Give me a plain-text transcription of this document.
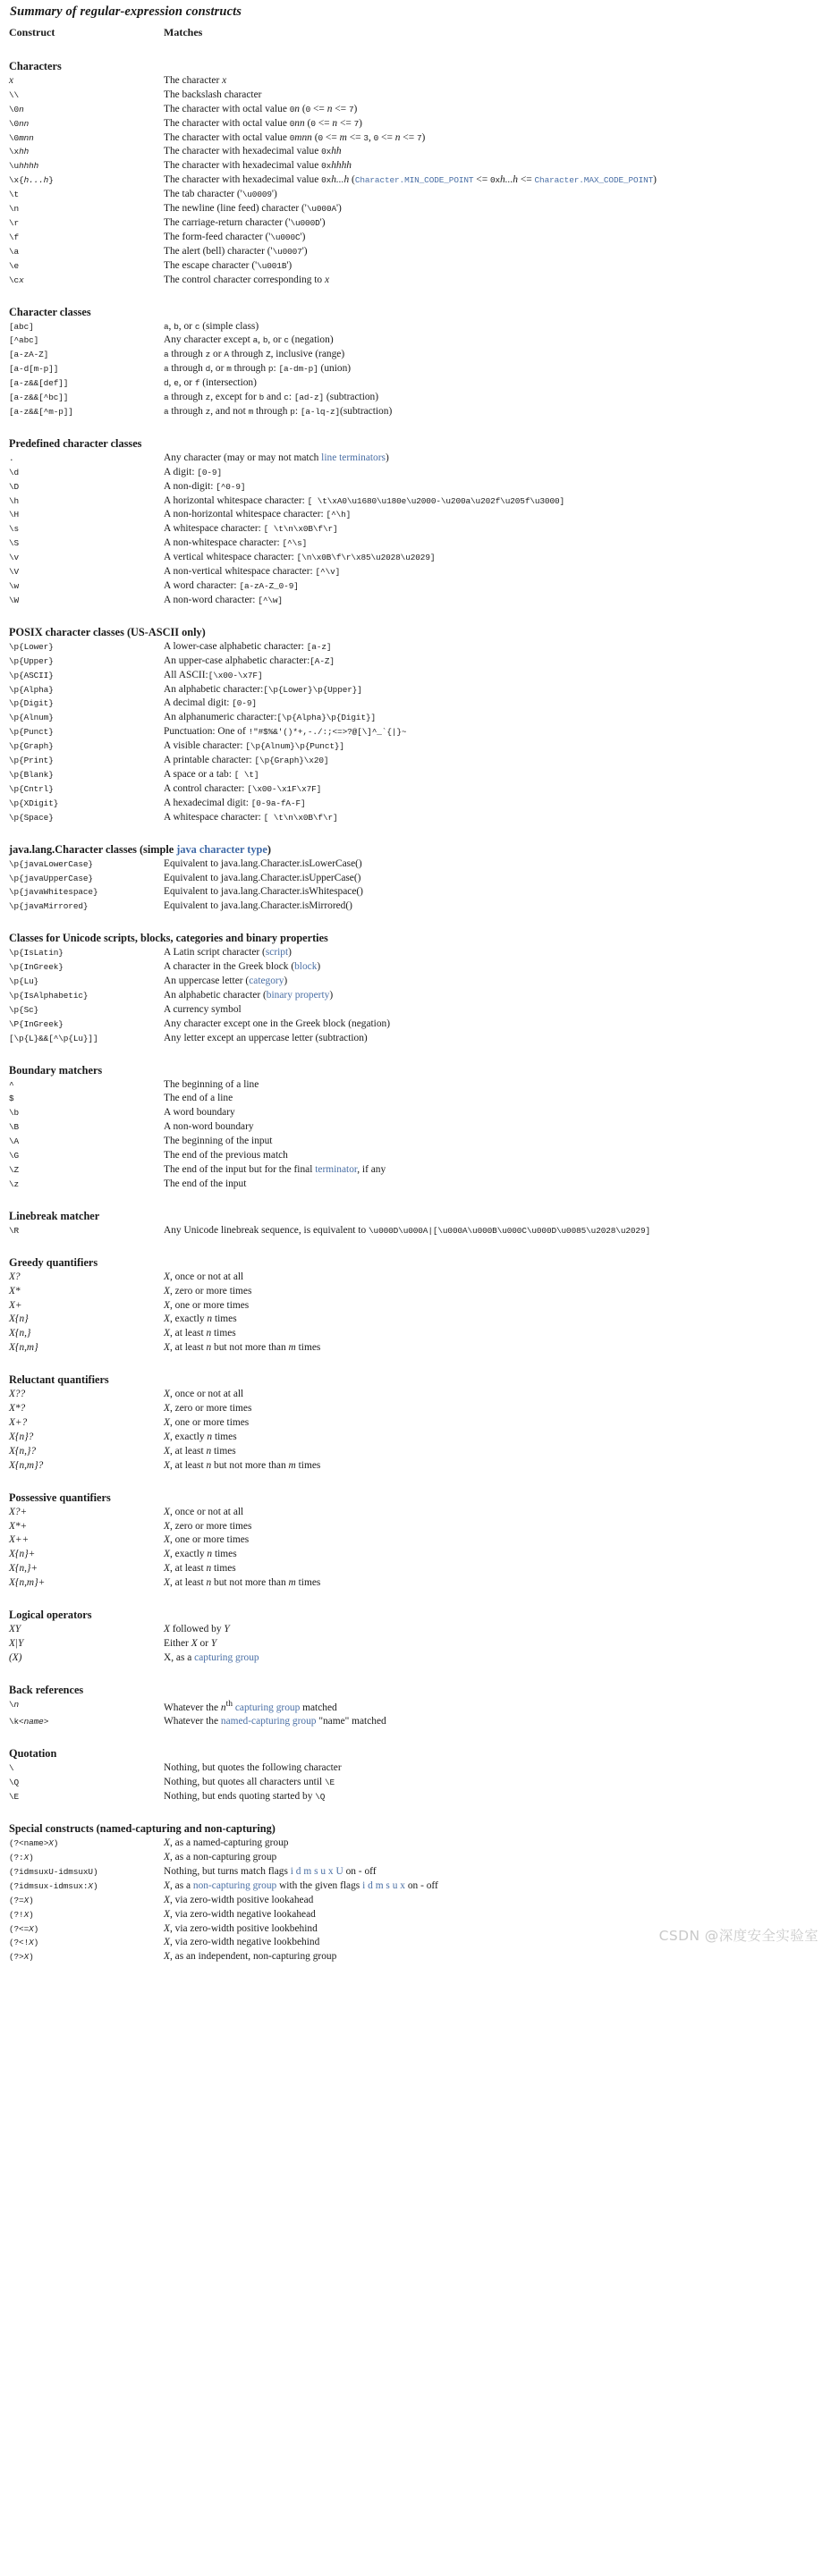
Summary of regular-expression constructs
Construct	Matches

Characters	
x	The character x
\\	The backslash character
\0n	The character with octal value 0n (0 <= n <= 7)
\0nn	The character with octal value 0nn (0 <= n <= 7)
\0mnn	The character with octal value 0mnn (0 <= m <= 3, 0 <= n <= 7)
\xhh	The character with hexadecimal value 0xhh
\uhhhh	The character with hexadecimal value 0xhhhh
\x{h...h}	The character with hexadecimal value 0xh...h (Character.MIN_CODE_POINT <= 0xh...h <= Character.MAX_CODE_POINT)
\t	The tab character ('\u0009')
\n	The newline (line feed) character ('\u000A')
\r	The carriage-return character ('\u000D')
\f	The form-feed character ('\u000C')
\a	The alert (bell) character ('\u0007')
\e	The escape character ('\u001B')
\cx	The control character corresponding to x

Character classes	
[abc]	a, b, or c (simple class)
[^abc]	Any character except a, b, or c (negation)
[a-zA-Z]	a through z or A through Z, inclusive (range)
[a-d[m-p]]	a through d, or m through p: [a-dm-p] (union)
[a-z&&[def]]	d, e, or f (intersection)
[a-z&&[^bc]]	a through z, except for b and c: [ad-z] (subtraction)
[a-z&&[^m-p]]	a through z, and not m through p: [a-lq-z](subtraction)

Predefined character classes	
.	Any character (may or may not match line terminators)
\d	A digit: [0-9]
\D	A non-digit: [^0-9]
\h	A horizontal whitespace character: [ \t\xA0\u1680\u180e\u2000-\u200a\u202f\u205f\u3000]
\H	A non-horizontal whitespace character: [^\h]
\s	A whitespace character: [ \t\n\x0B\f\r]
\S	A non-whitespace character: [^\s]
\v	A vertical whitespace character: [\n\x0B\f\r\x85\u2028\u2029]
\V	A non-vertical whitespace character: [^\v]
\w	A word character: [a-zA-Z_0-9]
\W	A non-word character: [^\w]

POSIX character classes (US-ASCII only)	
\p{Lower}	A lower-case alphabetic character: [a-z]
\p{Upper}	An upper-case alphabetic character:[A-Z]
\p{ASCII}	All ASCII:[\x00-\x7F]
\p{Alpha}	An alphabetic character:[\p{Lower}\p{Upper}]
\p{Digit}	A decimal digit: [0-9]
\p{Alnum}	An alphanumeric character:[\p{Alpha}\p{Digit}]
\p{Punct}	Punctuation: One of !"#$%&'()*+,-./:;<=>?@[\]^_`{|}~
\p{Graph}	A visible character: [\p{Alnum}\p{Punct}]
\p{Print}	A printable character: [\p{Graph}\x20]
\p{Blank}	A space or a tab: [ \t]
\p{Cntrl}	A control character: [\x00-\x1F\x7F]
\p{XDigit}	A hexadecimal digit: [0-9a-fA-F]
\p{Space}	A whitespace character: [ \t\n\x0B\f\r]

java.lang.Character classes (simple java character type)	
\p{javaLowerCase}	Equivalent to java.lang.Character.isLowerCase()
\p{javaUpperCase}	Equivalent to java.lang.Character.isUpperCase()
\p{javaWhitespace}	Equivalent to java.lang.Character.isWhitespace()
\p{javaMirrored}	Equivalent to java.lang.Character.isMirrored()

Classes for Unicode scripts, blocks, categories and binary properties	
\p{IsLatin}	A Latin script character (script)
\p{InGreek}	A character in the Greek block (block)
\p{Lu}	An uppercase letter (category)
\p{IsAlphabetic}	An alphabetic character (binary property)
\p{Sc}	A currency symbol
\P{InGreek}	Any character except one in the Greek block (negation)
[\p{L}&&[^\p{Lu}]]	Any letter except an uppercase letter (subtraction)

Boundary matchers	
^	The beginning of a line
$	The end of a line
\b	A word boundary
\B	A non-word boundary
\A	The beginning of the input
\G	The end of the previous match
\Z	The end of the input but for the final terminator, if any
\z	The end of the input

Linebreak matcher	
\R	Any Unicode linebreak sequence, is equivalent to \u000D\u000A|[\u000A\u000B\u000C\u000D\u0085\u2028\u2029]

Greedy quantifiers	
X?	X, once or not at all
X*	X, zero or more times
X+	X, one or more times
X{n}	X, exactly n times
X{n,}	X, at least n times
X{n,m}	X, at least n but not more than m times

Reluctant quantifiers	
X??	X, once or not at all
X*?	X, zero or more times
X+?	X, one or more times
X{n}?	X, exactly n times
X{n,}?	X, at least n times
X{n,m}?	X, at least n but not more than m times

Possessive quantifiers	
X?+	X, once or not at all
X*+	X, zero or more times
X++	X, one or more times
X{n}+	X, exactly n times
X{n,}+	X, at least n times
X{n,m}+	X, at least n but not more than m times

Logical operators	
XY	X followed by Y
X|Y	Either X or Y
(X)	X, as a capturing group

Back references	
\n	Whatever the $n^{th}$ capturing group matched
\k<name>	Whatever the named-capturing group "name" matched

Quotation	
\	Nothing, but quotes the following character
\Q	Nothing, but quotes all characters until \E
\E	Nothing, but ends quoting started by \Q

Special constructs (named-capturing and non-capturing)	
(?<name>X)	X, as a named-capturing group
(?:X)	X, as a non-capturing group
(?idmsuxU-idmsuxU)	Nothing, but turns match flags i d m s u x U on - off
(?idmsux-idmsux:X)	X, as a non-capturing group with the given flags i d m s u x on - off
(?=X)	X, via zero-width positive lookahead
(?!X)	X, via zero-width negative lookahead
(?<=X)	X, via zero-width positive lookbehind
(?<!X)	X, via zero-width negative lookbehind
(?>X)	X, as an independent, non-capturing group
CSDN @深度安全实验室
